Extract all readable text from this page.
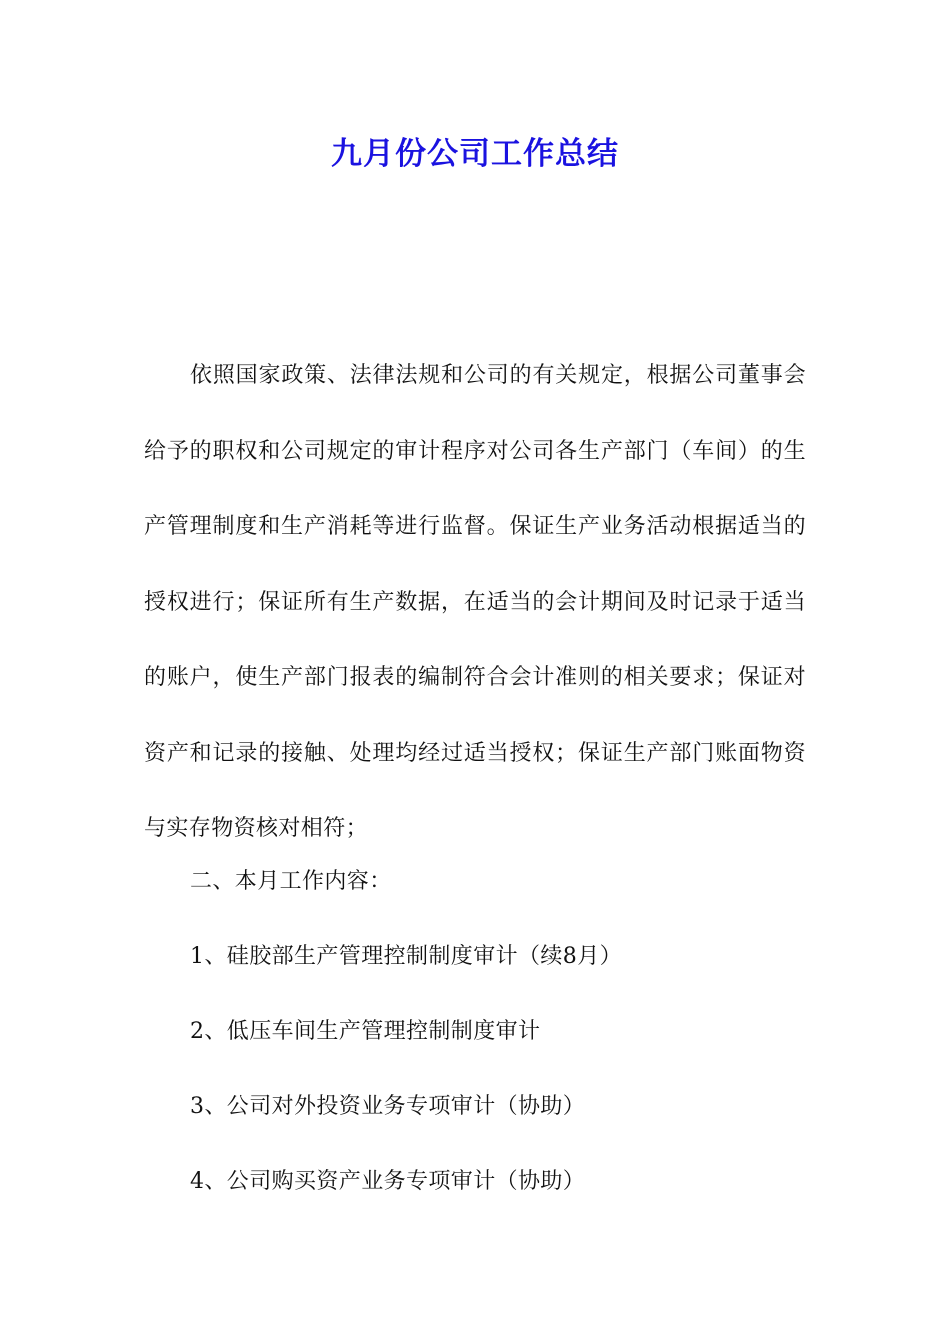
九月份公司工作总结

依照国家政策、法律法规和公司的有关规定，根据公司董事会给予的职权和公司规定的审计程序对公司各生产部门（车间）的生产管理制度和生产消耗等进行监督。保证生产业务活动根据适当的授权进行；保证所有生产数据，在适当的会计期间及时记录于适当的账户，使生产部门报表的编制符合会计准则的相关要求；保证对资产和记录的接触、处理均经过适当授权；保证生产部门账面物资与实存物资核对相符；

二、本月工作内容：
1、硅胶部生产管理控制制度审计（续8月）
2、低压车间生产管理控制制度审计
3、公司对外投资业务专项审计（协助）
4、公司购买资产业务专项审计（协助）
